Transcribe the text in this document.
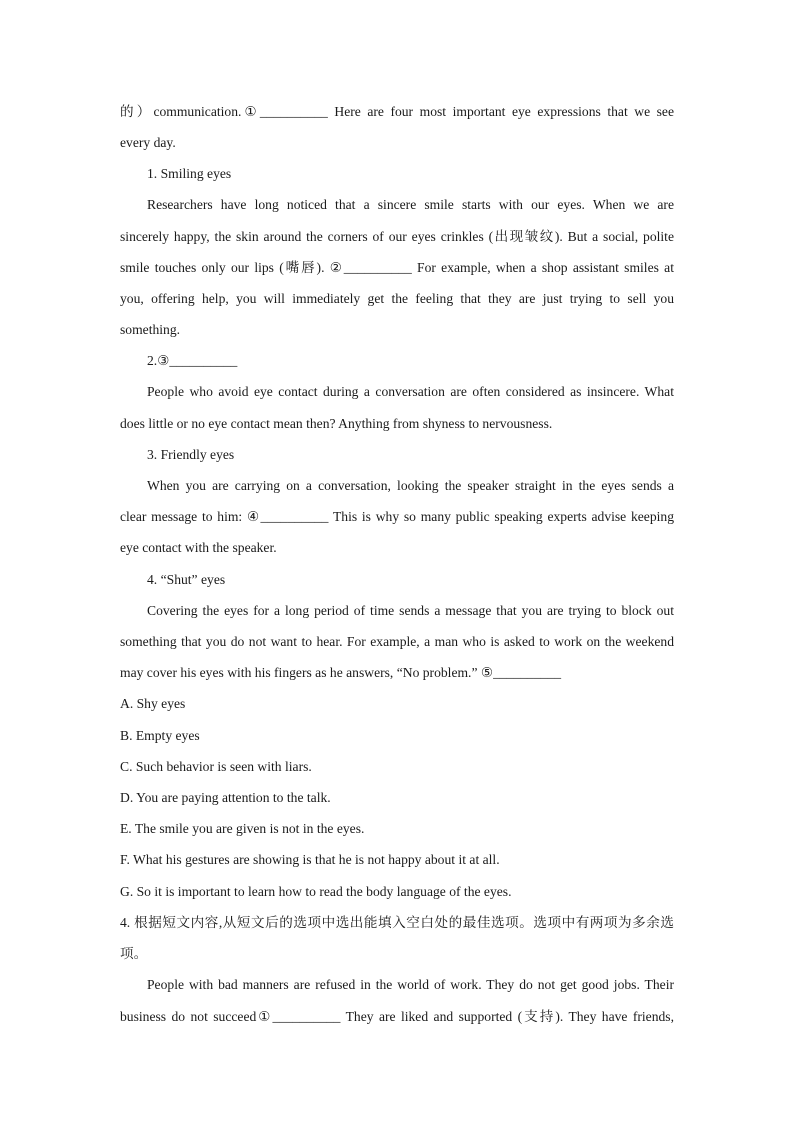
的）communication.①__________ Here are four most important eye expressions that we see
every day.
1. Smiling eyes
Researchers have long noticed that a sincere smile starts with our eyes. When we are
sincerely happy, the skin around the corners of our eyes crinkles (出现皱纹). But a social, polite
smile touches only our lips (嘴唇). ②__________ For example, when a shop assistant smiles at
you, offering help, you will immediately get the feeling that they are just trying to sell you
something.
2.③__________
People who avoid eye contact during a conversation are often considered as insincere. What
does little or no eye contact mean then? Anything from shyness to nervousness.
3. Friendly eyes
When you are carrying on a conversation, looking the speaker straight in the eyes sends a
clear message to him: ④__________ This is why so many public speaking experts advise keeping
eye contact with the speaker.
4. “Shut” eyes
Covering the eyes for a long period of time sends a message that you are trying to block out
something that you do not want to hear. For example, a man who is asked to work on the weekend
may cover his eyes with his fingers as he answers, “No problem.” ⑤__________
A. Shy eyes
B. Empty eyes
C. Such behavior is seen with liars.
D. You are paying attention to the talk.
E. The smile you are given is not in the eyes.
F. What his gestures are showing is that he is not happy about it at all.
G. So it is important to learn how to read the body language of the eyes.
4. 根据短文内容,从短文后的选项中选出能填入空白处的最佳选项。选项中有两项为多余选
项。
People with bad manners are refused in the world of work. They do not get good jobs. Their
business do not succeed①__________ They are liked and supported (支持). They have friends,
